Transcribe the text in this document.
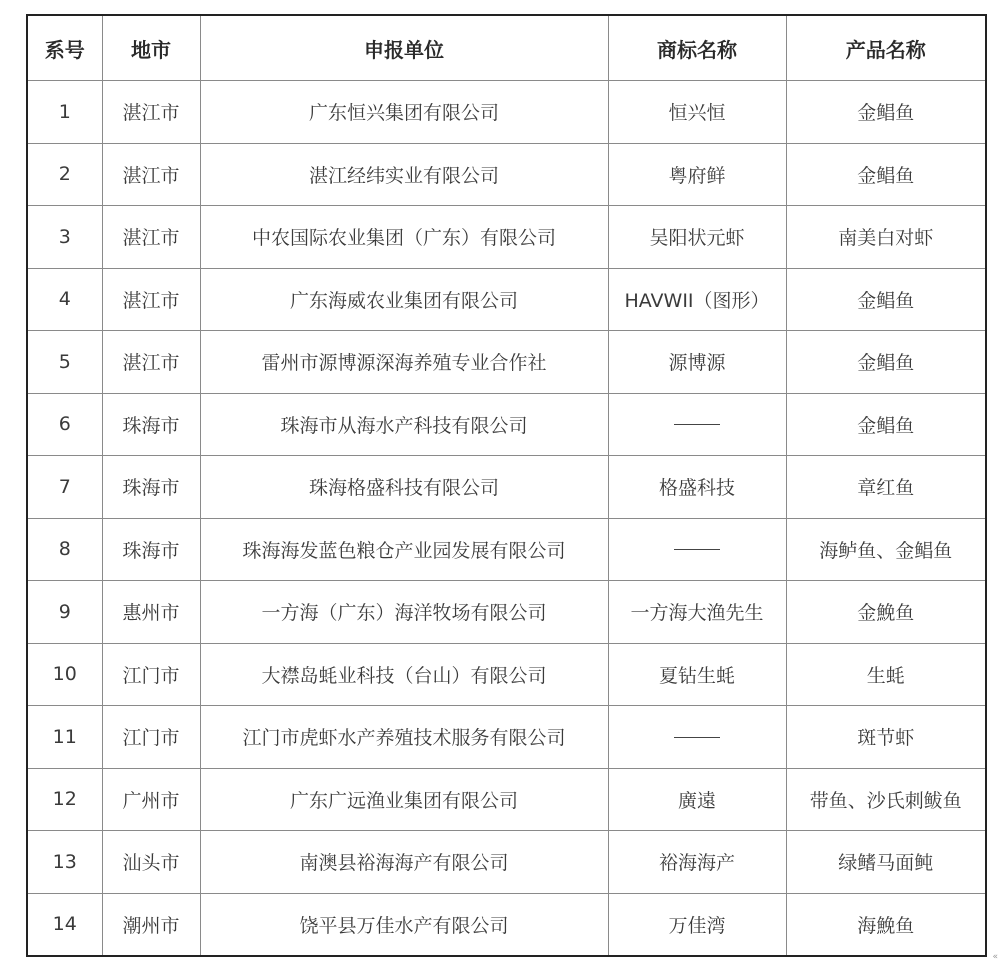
系号	地市	申报单位	商标名称	产品名称
1	湛江市	广东恒兴集团有限公司	恒兴恒	金鲳鱼
2	湛江市	湛江经纬实业有限公司	粤府鲜	金鲳鱼
3	湛江市	中农国际农业集团（广东）有限公司	吴阳状元虾	南美白对虾
4	湛江市	广东海威农业集团有限公司	HAVWII（图形）	金鲳鱼
5	湛江市	雷州市源博源深海养殖专业合作社	源博源	金鲳鱼
6	珠海市	珠海市从海水产科技有限公司		金鲳鱼
7	珠海市	珠海格盛科技有限公司	格盛科技	章红鱼
8	珠海市	珠海海发蓝色粮仓产业园发展有限公司		海鲈鱼、金鲳鱼
9	惠州市	一方海（广东）海洋牧场有限公司	一方海大渔先生	金鮸鱼
10	江门市	大襟岛蚝业科技（台山）有限公司	夏钻生蚝	生蚝
11	江门市	江门市虎虾水产养殖技术服务有限公司		斑节虾
12	广州市	广东广远渔业集团有限公司	廣遠	带鱼、沙氏刺鲅鱼
13	汕头市	南澳县裕海海产有限公司	裕海海产	绿鳍马面鲀
14	潮州市	饶平县万佳水产有限公司	万佳湾	海鮸鱼
«
